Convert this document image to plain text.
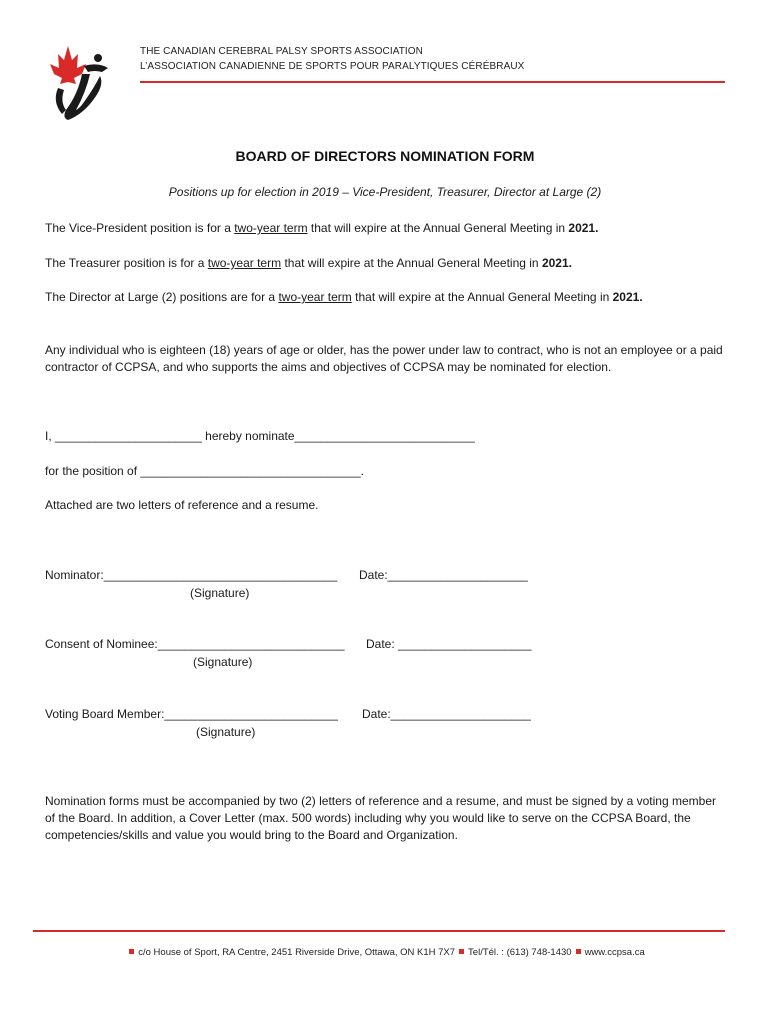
THE CANADIAN CEREBRAL PALSY SPORTS ASSOCIATION
L’ASSOCIATION CANADIENNE DE SPORTS POUR PARALYTIQUES CÉRÉBRAUX
BOARD OF DIRECTORS NOMINATION FORM
Positions up for election in 2019 – Vice-President, Treasurer, Director at Large (2)
The Vice-President position is for a two-year term that will expire at the Annual General Meeting in 2021.
The Treasurer position is for a two-year term that will expire at the Annual General Meeting in 2021.
The Director at Large (2) positions are for a two-year term that will expire at the Annual General Meeting in 2021.
Any individual who is eighteen (18) years of age or older, has the power under law to contract, who is not an employee or a paid contractor of CCPSA, and who supports the aims and objectives of CCPSA may be nominated for election.
I, ______________________ hereby nominate___________________________
for the position of _________________________________.
Attached are two letters of reference and a resume.
Nominator:___________________________________ Date:_____________________
(Signature)
Consent of Nominee:____________________________ Date: ____________________
(Signature)
Voting Board Member:__________________________ Date:_____________________
(Signature)
Nomination forms must be accompanied by two (2) letters of reference and a resume, and must be signed by a voting member of the Board. In addition, a Cover Letter (max. 500 words) including why you would like to serve on the CCPSA Board, the competencies/skills and value you would bring to the Board and Organization.
c/o House of Sport, RA Centre, 2451 Riverside Drive, Ottawa, ON K1H 7X7 Tel/Tél. : (613) 748-1430 www.ccpsa.ca
